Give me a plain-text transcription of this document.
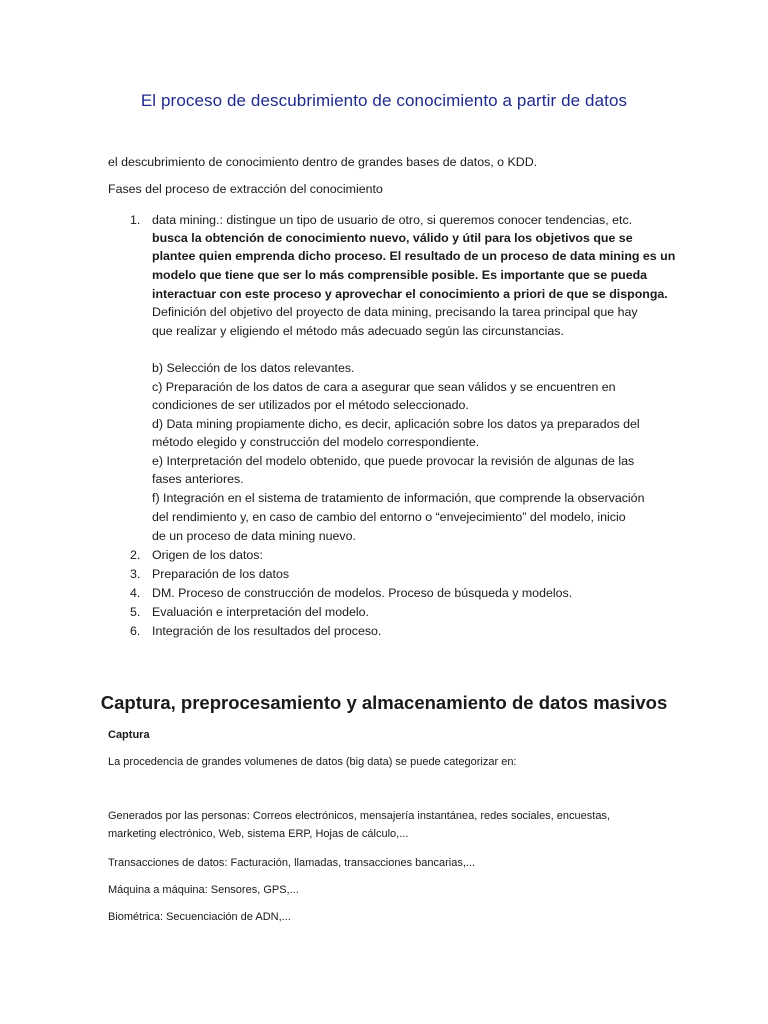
El proceso de descubrimiento de conocimiento a partir de datos
el descubrimiento de conocimiento dentro de grandes bases de datos, o KDD.
Fases del proceso de extracción del conocimiento
1. data mining.: distingue un tipo de usuario de otro, si queremos conocer tendencias, etc.
busca la obtención de conocimiento nuevo, válido y útil para los objetivos que se
plantee quien emprenda dicho proceso. El resultado de un proceso de data mining es un
modelo que tiene que ser lo más comprensible posible. Es importante que se pueda
interactuar con este proceso y aprovechar el conocimiento a priori de que se disponga.
Definición del objetivo del proyecto de data mining, precisando la tarea principal que hay
que realizar y eligiendo el método más adecuado según las circunstancias.
b) Selección de los datos relevantes.
c) Preparación de los datos de cara a asegurar que sean válidos y se encuentren en
condiciones de ser utilizados por el método seleccionado.
d) Data mining propiamente dicho, es decir, aplicación sobre los datos ya preparados del
método elegido y construcción del modelo correspondiente.
e) Interpretación del modelo obtenido, que puede provocar la revisión de algunas de las
fases anteriores.
f) Integración en el sistema de tratamiento de información, que comprende la observación
del rendimiento y, en caso de cambio del entorno o “envejecimiento” del modelo, inicio
de un proceso de data mining nuevo.
2. Origen de los datos:
3. Preparación de los datos
4. DM. Proceso de construcción de modelos. Proceso de búsqueda y modelos.
5. Evaluación e interpretación del modelo.
6. Integración de los resultados del proceso.
Captura, preprocesamiento y almacenamiento de datos masivos
Captura
La procedencia de grandes volumenes de datos (big data) se puede categorizar en:
Generados por las personas: Correos electrónicos, mensajería instantánea, redes sociales, encuestas,
marketing electrónico, Web, sistema ERP, Hojas de cálculo,...
Transacciones de datos: Facturación, llamadas, transacciones bancarias,...
Máquina a máquina: Sensores, GPS,...
Biométrica: Secuenciación de ADN,...
